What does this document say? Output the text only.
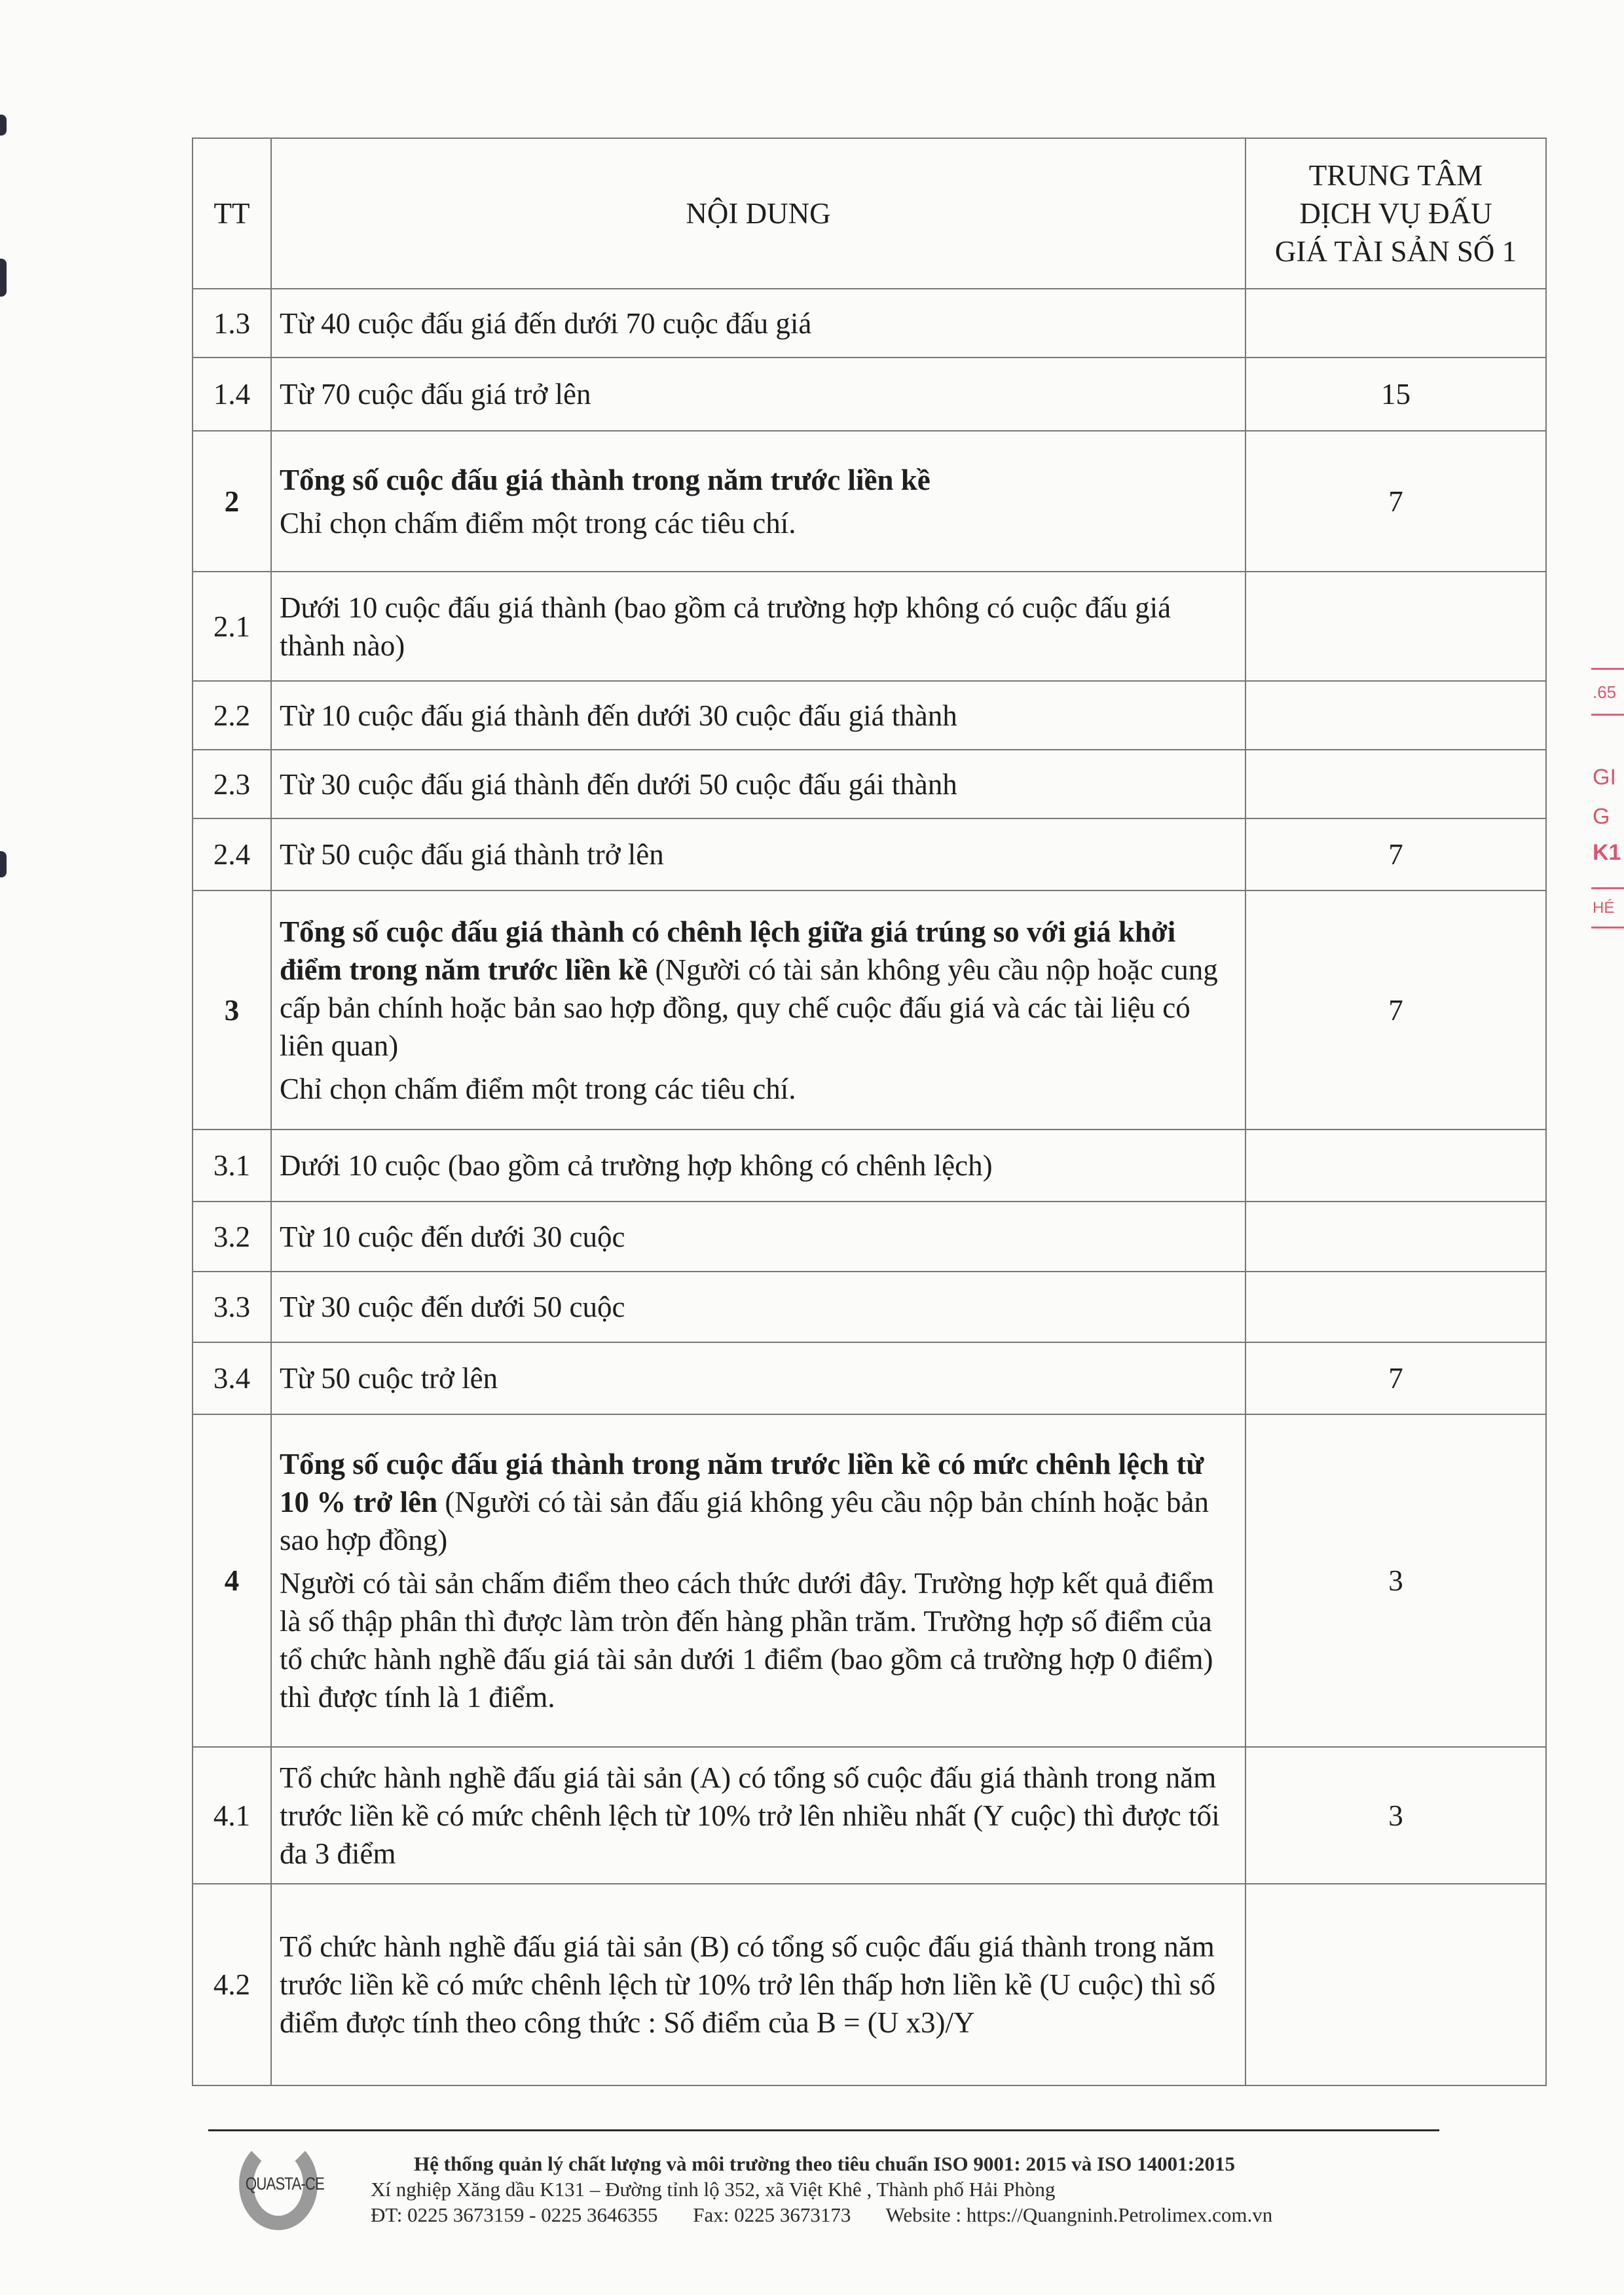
TT	NỘI DUNG	TRUNG TÂM
DỊCH VỤ ĐẤU
GIÁ TÀI SẢN SỐ 1

1.3	Từ 40 cuộc đấu giá đến dưới 70 cuộc đấu giá	

1.4	Từ 70 cuộc đấu giá trở lên	15
2	Tổng số cuộc đấu giá thành trong năm trước liền kề

Chỉ chọn chấm điểm một trong các tiêu chí.	7
2.1	Dưới 10 cuộc đấu giá thành (bao gồm cả trường hợp không có cuộc đấu giá thành nào)	

2.2	Từ 10 cuộc đấu giá thành đến dưới 30 cuộc đấu giá thành	

2.3	Từ 30 cuộc đấu giá thành đến dưới 50 cuộc đấu gái thành	

2.4	Từ 50 cuộc đấu giá thành trở lên	7
3	Tổng số cuộc đấu giá thành có chênh lệch giữa giá trúng so với giá khởi điểm trong năm trước liền kề (Người có tài sản không yêu cầu nộp hoặc cung cấp bản chính hoặc bản sao hợp đồng, quy chế cuộc đấu giá và các tài liệu có liên quan)

Chỉ chọn chấm điểm một trong các tiêu chí.	7
3.1	Dưới 10 cuộc (bao gồm cả trường hợp không có chênh lệch)	

3.2	Từ 10 cuộc đến dưới 30 cuộc	

3.3	Từ 30 cuộc đến dưới 50 cuộc	

3.4	Từ 50 cuộc trở lên	7
4	Tổng số cuộc đấu giá thành trong năm trước liền kề có mức chênh lệch từ 10 % trở lên (Người có tài sản đấu giá không yêu cầu nộp bản chính hoặc bản sao hợp đồng)

Người có tài sản chấm điểm theo cách thức dưới đây. Trường hợp kết quả điểm là số thập phân thì được làm tròn đến hàng phần trăm. Trường hợp số điểm của tổ chức hành nghề đấu giá tài sản dưới 1 điểm (bao gồm cả trường hợp 0 điểm) thì được tính là 1 điểm.	3
4.1	Tổ chức hành nghề đấu giá tài sản (A) có tổng số cuộc đấu giá thành trong năm trước liền kề có mức chênh lệch từ 10% trở lên nhiều nhất (Y cuộc) thì được tối đa 3 điểm	3
4.2	Tổ chức hành nghề đấu giá tài sản (B) có tổng số cuộc đấu giá thành trong năm trước liền kề có mức chênh lệch từ 10% trở lên thấp hơn liền kề (U cuộc) thì số điểm được tính theo công thức : Số điểm của B = (U x3)/Y	

QUASTA-CE
Hệ thống quản lý chất lượng và môi trường theo tiêu chuẩn ISO 9001: 2015 và ISO 14001:2015
Xí nghiệp Xăng dầu K131 – Đường tỉnh lộ 352, xã Việt Khê , Thành phố Hải Phòng
ĐT: 0225 3673159 - 0225 3646355 Fax: 0225 3673173 Website : https://Quangninh.Petrolimex.com.vn
.65
GI
G
K1
HÉ
